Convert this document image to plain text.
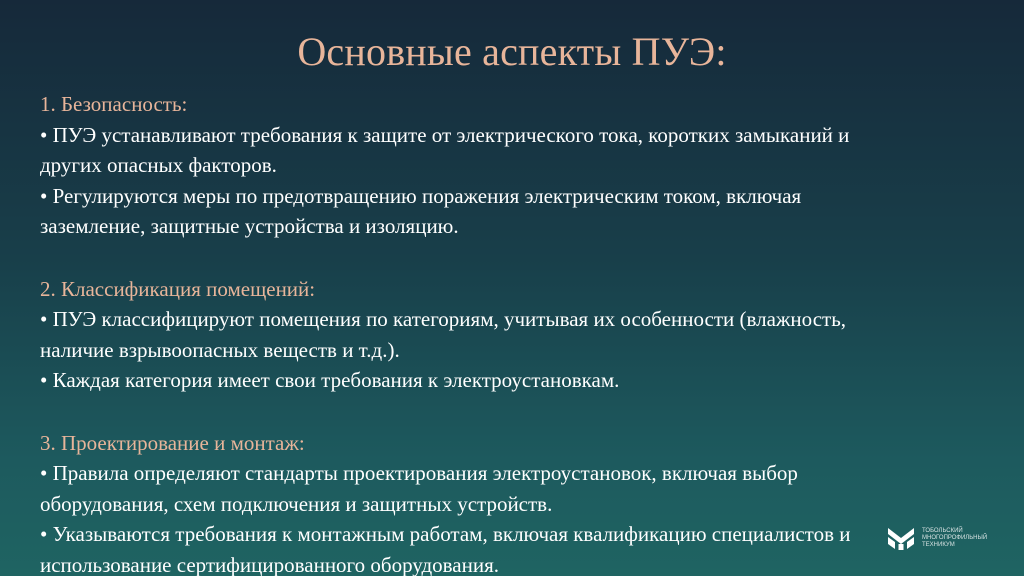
Основные аспекты ПУЭ:
1. Безопасность:
• ПУЭ устанавливают требования к защите от электрического тока, коротких замыканий и других опасных факторов.
• Регулируются меры по предотвращению поражения электрическим током, включая заземление, защитные устройства и изоляцию.
2. Классификация помещений:
• ПУЭ классифицируют помещения по категориям, учитывая их особенности (влажность, наличие взрывоопасных веществ и т.д.).
• Каждая категория имеет свои требования к электроустановкам.
3. Проектирование и монтаж:
• Правила определяют стандарты проектирования электроустановок, включая выбор оборудования, схем подключения и защитных устройств.
• Указываются требования к монтажным работам, включая квалификацию специалистов и использование сертифицированного оборудования.
ТОБОЛЬСКИЙ
МНОГОПРОФИЛЬНЫЙ
ТЕХНИКУМ
